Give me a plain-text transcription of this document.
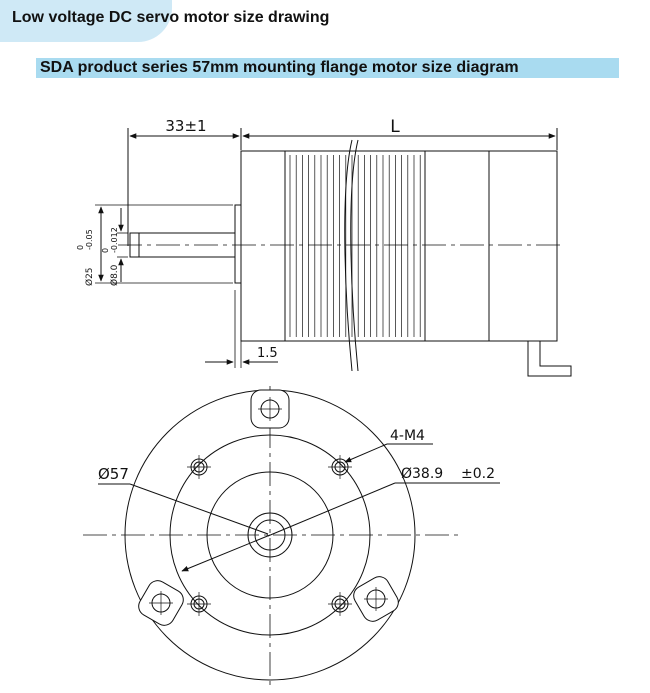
Low voltage DC servo motor size drawing
SDA product series 57mm mounting flange motor size diagram
33±1	L
1.5
Ø25
0 -0.05
Ø8.0
0 -0.012
Ø57
4-M4
Ø38.9 ±0.2
